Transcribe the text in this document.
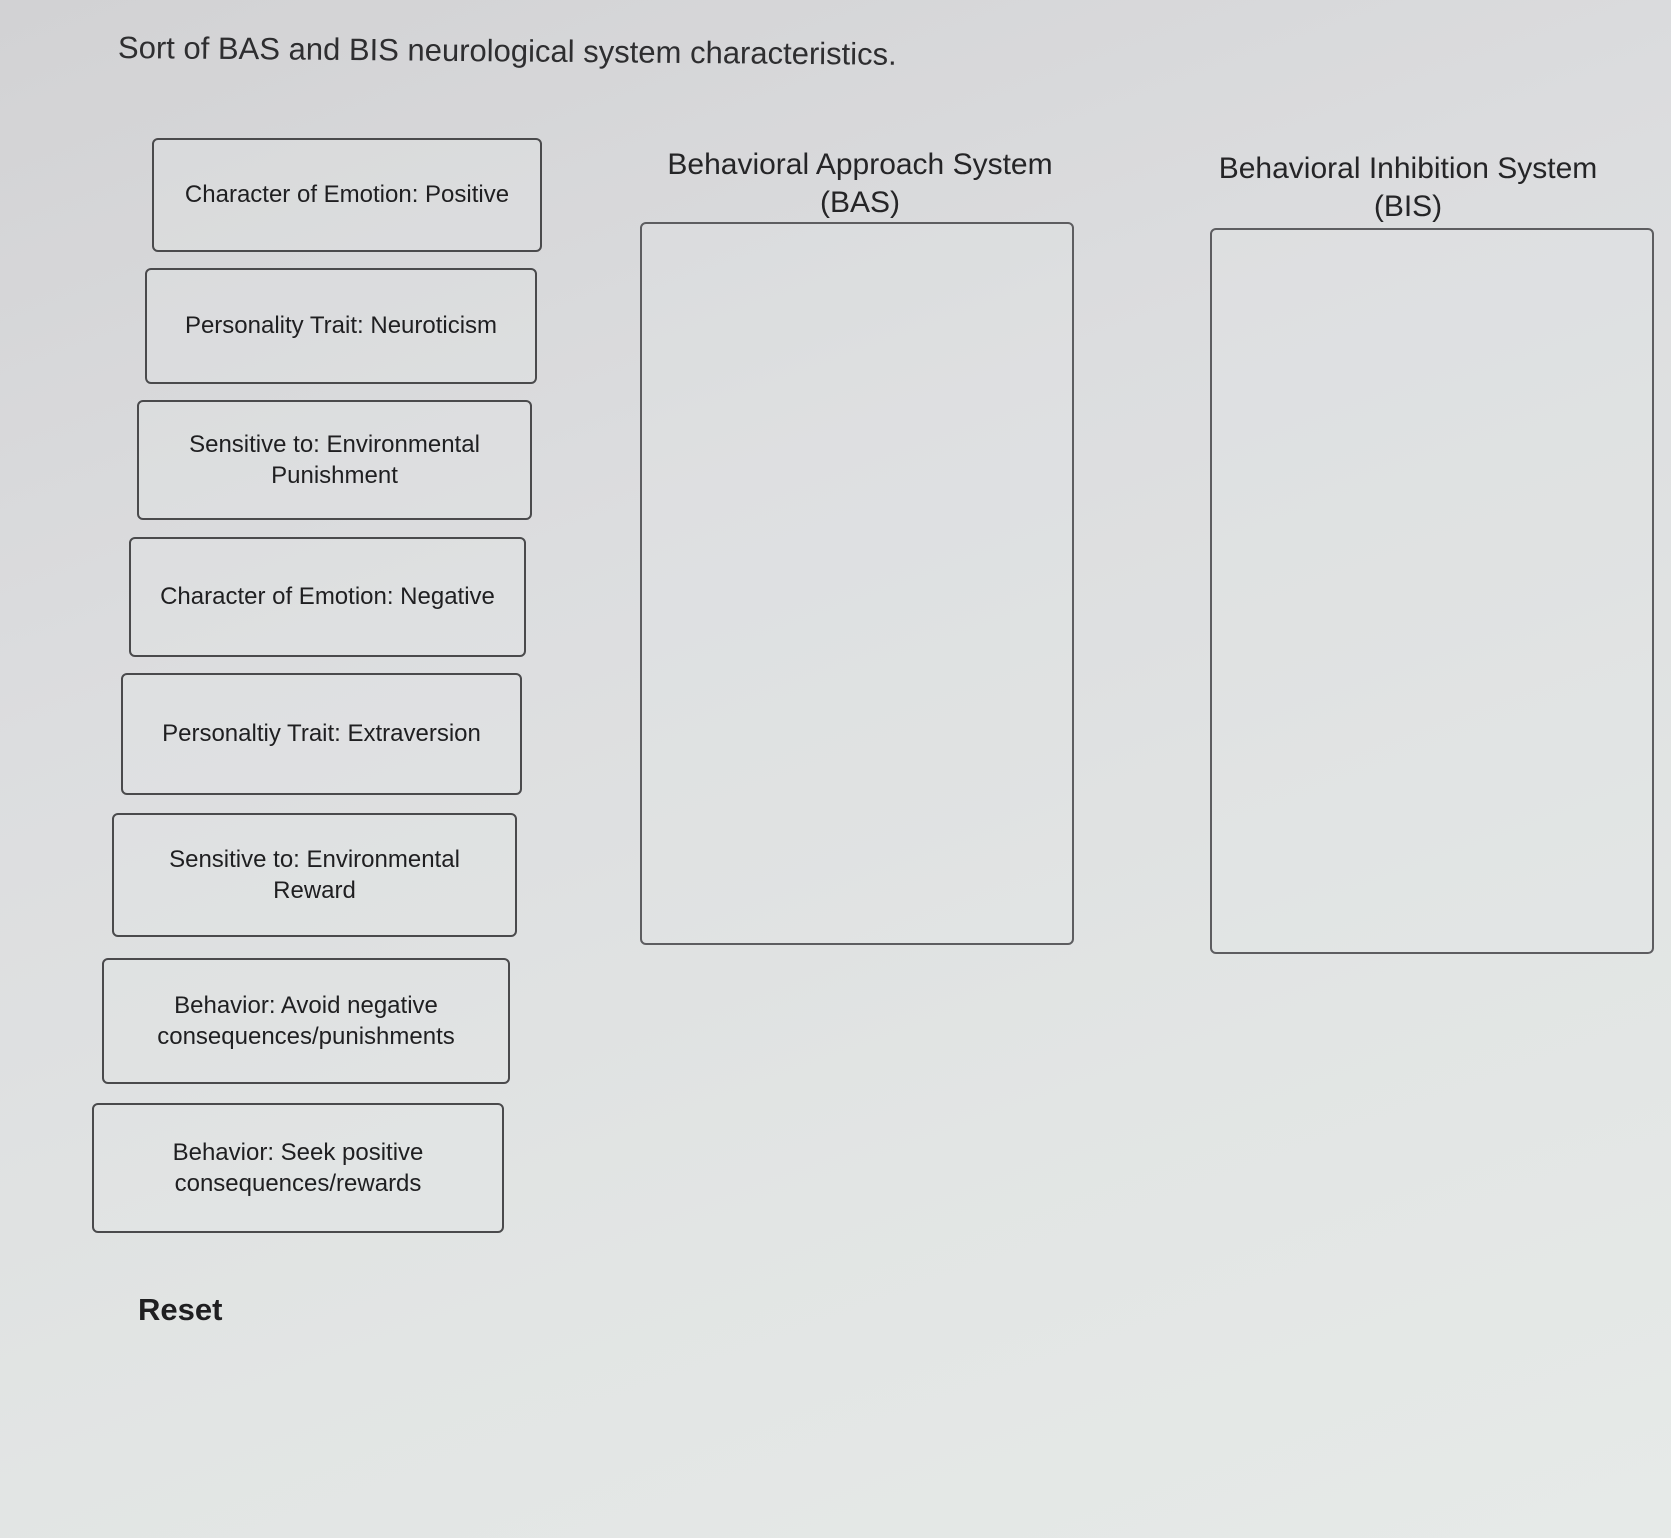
Sort of BAS and BIS neurological system characteristics.
Character of Emotion: Positive
Personality Trait: Neuroticism
Sensitive to: Environmental Punishment
Character of Emotion: Negative
Personaltiy Trait: Extraversion
Sensitive to: Environmental Reward
Behavior: Avoid negative consequences/punishments
Behavior: Seek positive consequences/rewards
Behavioral Approach System (BAS)
Behavioral Inhibition System (BIS)
Reset
